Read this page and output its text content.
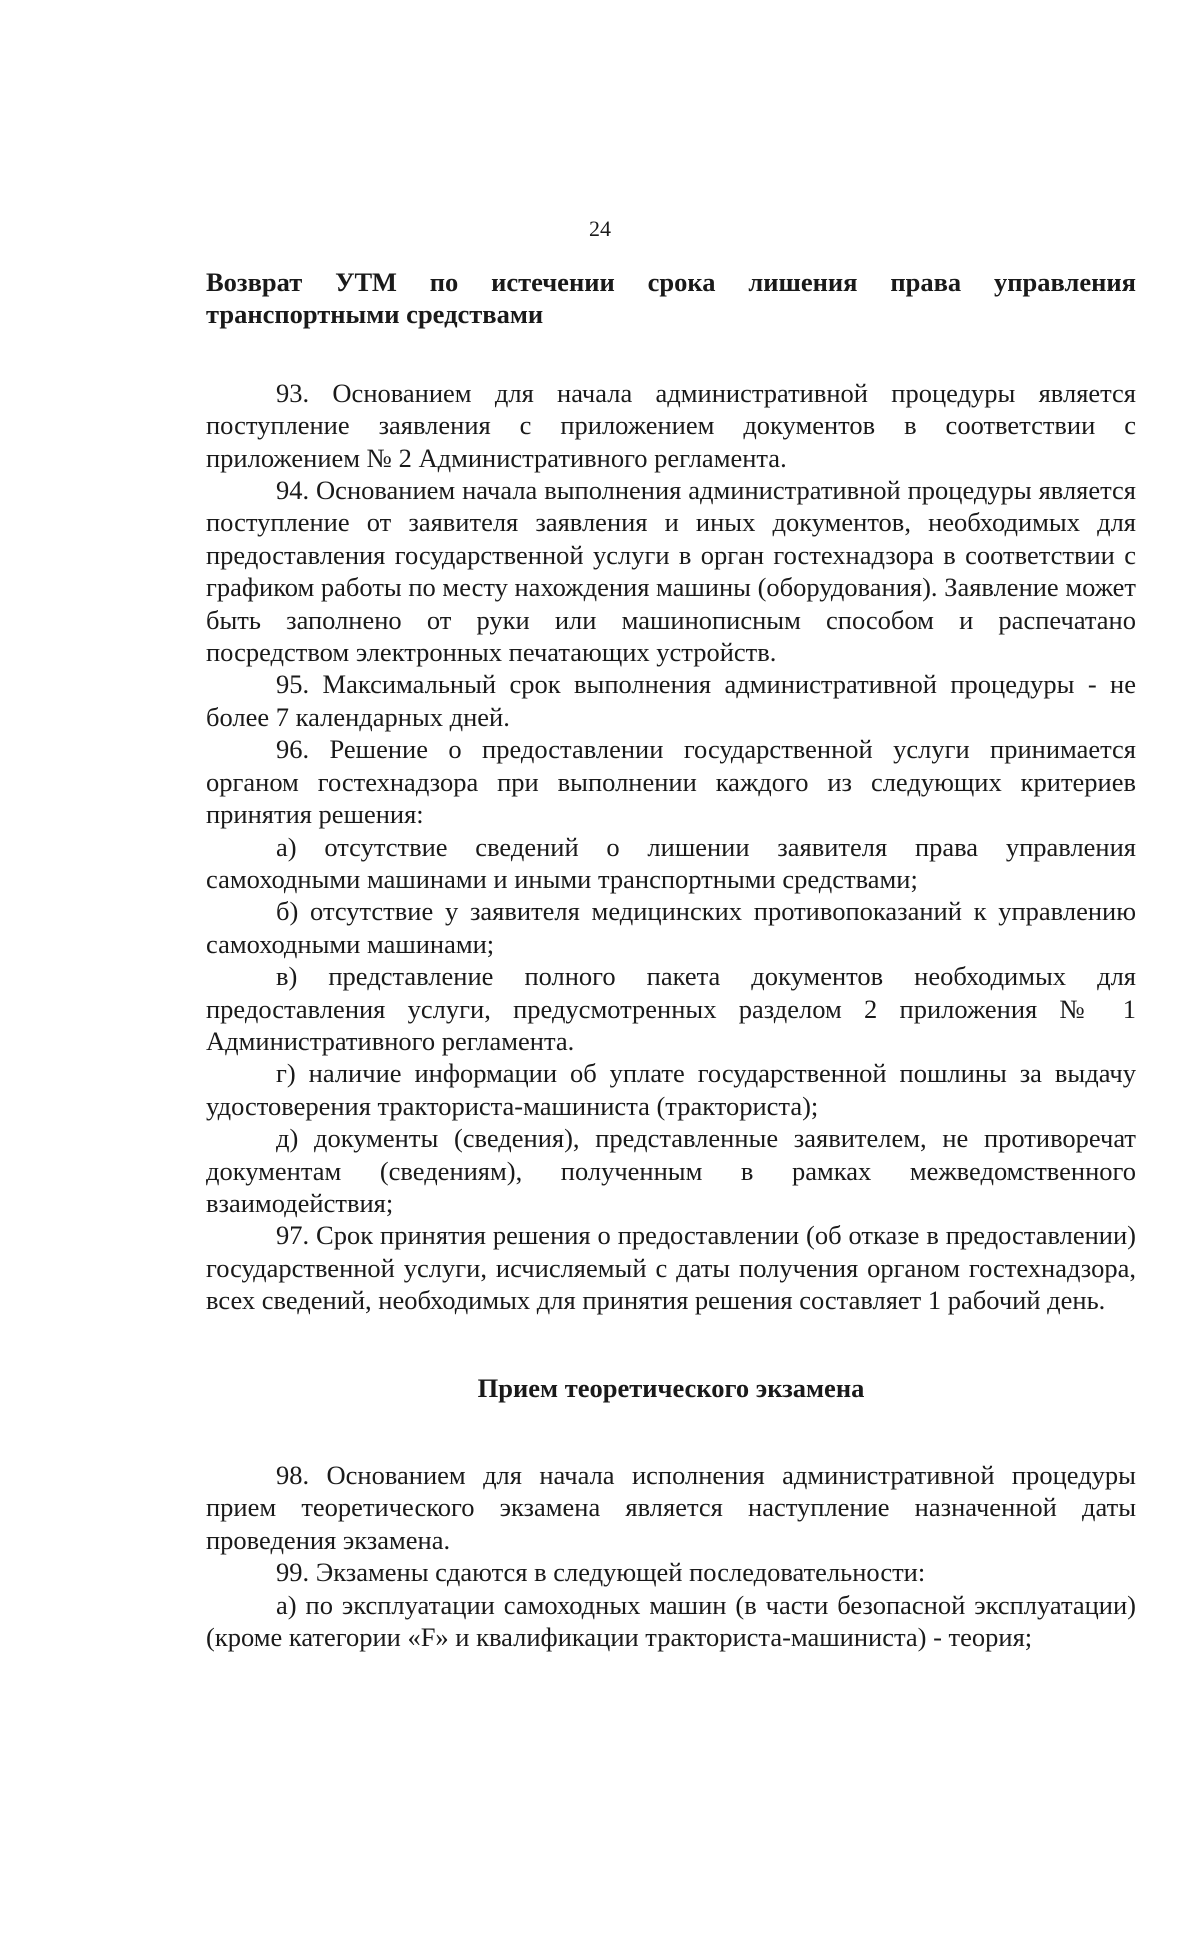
24

Возврат УТМ по истечении срока лишения права управления транспортными средствами

93. Основанием для начала административной процедуры является поступление заявления с приложением документов в соответствии с приложением № 2 Административного регламента.

94. Основанием начала выполнения административной процедуры является поступление от заявителя заявления и иных документов, необходимых для предоставления государственной услуги в орган гостехнадзора в соответствии с графиком работы по месту нахождения машины (оборудования). Заявление может быть заполнено от руки или машинописным способом и распечатано посредством электронных печатающих устройств.

95. Максимальный срок выполнения административной процедуры - не более 7 календарных дней.

96. Решение о предоставлении государственной услуги принимается органом гостехнадзора при выполнении каждого из следующих критериев принятия решения:

а) отсутствие сведений о лишении заявителя права управления самоходными машинами и иными транспортными средствами;

б) отсутствие у заявителя медицинских противопоказаний к управлению самоходными машинами;

в) представление полного пакета документов необходимых для предоставления услуги, предусмотренных разделом 2 приложения № 1 Административного регламента.

г) наличие информации об уплате государственной пошлины за выдачу удостоверения тракториста-машиниста (тракториста);

д) документы (сведения), представленные заявителем, не противоречат документам (сведениям), полученным в рамках межведомственного взаимодействия;

97. Срок принятия решения о предоставлении (об отказе в предоставлении) государственной услуги, исчисляемый с даты получения органом гостехнадзора, всех сведений, необходимых для принятия решения составляет 1 рабочий день.

Прием теоретического экзамена

98. Основанием для начала исполнения административной процедуры прием теоретического экзамена является наступление назначенной даты проведения экзамена.

99. Экзамены сдаются в следующей последовательности:

а) по эксплуатации самоходных машин (в части безопасной эксплуатации) (кроме категории «F» и квалификации тракториста-машиниста) - теория;
